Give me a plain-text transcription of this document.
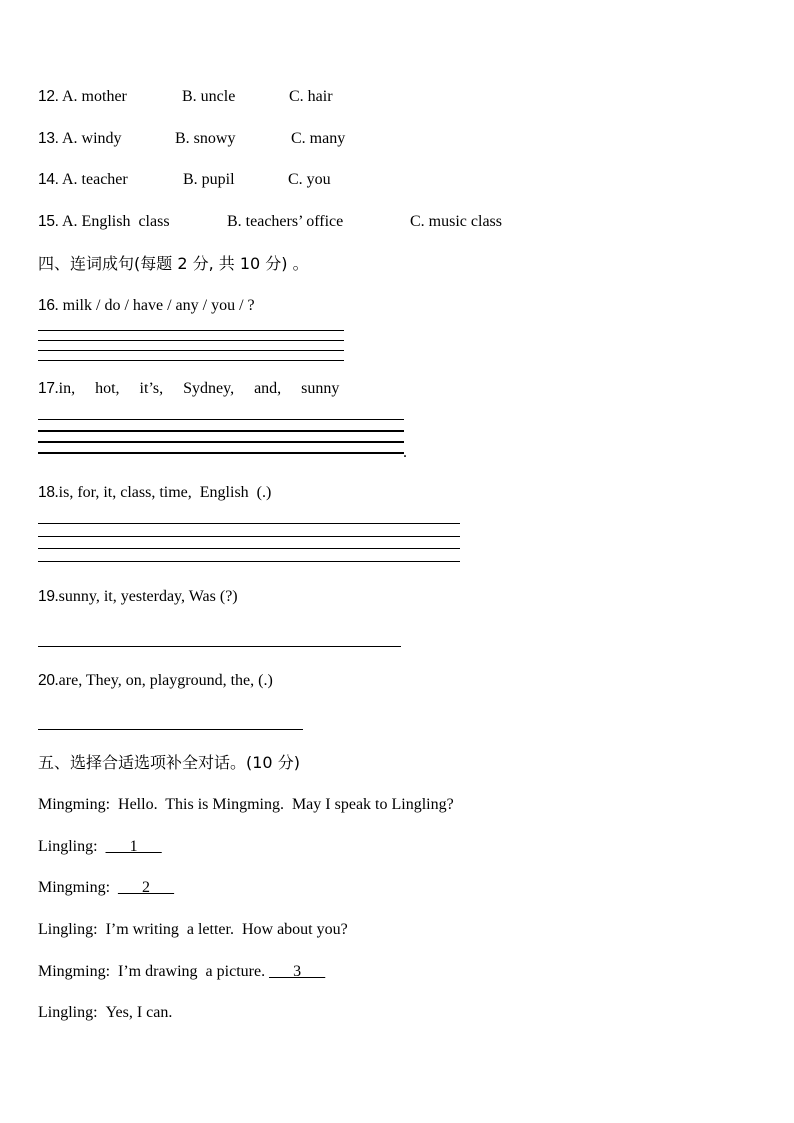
12. A. mother	B. uncle	C. hair
13. A. windy	B. snowy	C. many
14. A. teacher	B. pupil	C. you
15. A. English  class	B. teachers’ office	C. music class
四、连词成句(每题 2 分, 共 10 分) 。
16. milk / do / have / any / you / ?
17.in,     hot,     it’s,     Sydney,     and,     sunny
.
18.is, for, it, class, time,  English  (.)
19.sunny, it, yesterday, Was (?)
20.are, They, on, playground, the, (.)
五、选择合适选项补全对话。(10 分)
Mingming: Hello.  This is Mingming.  May I speak to Lingling?
Lingling: ___1___
Mingming: ___2___
Lingling: I’m writing  a letter.  How about you?
Mingming: I’m drawing  a picture. ___3___
Lingling: Yes, I can.
